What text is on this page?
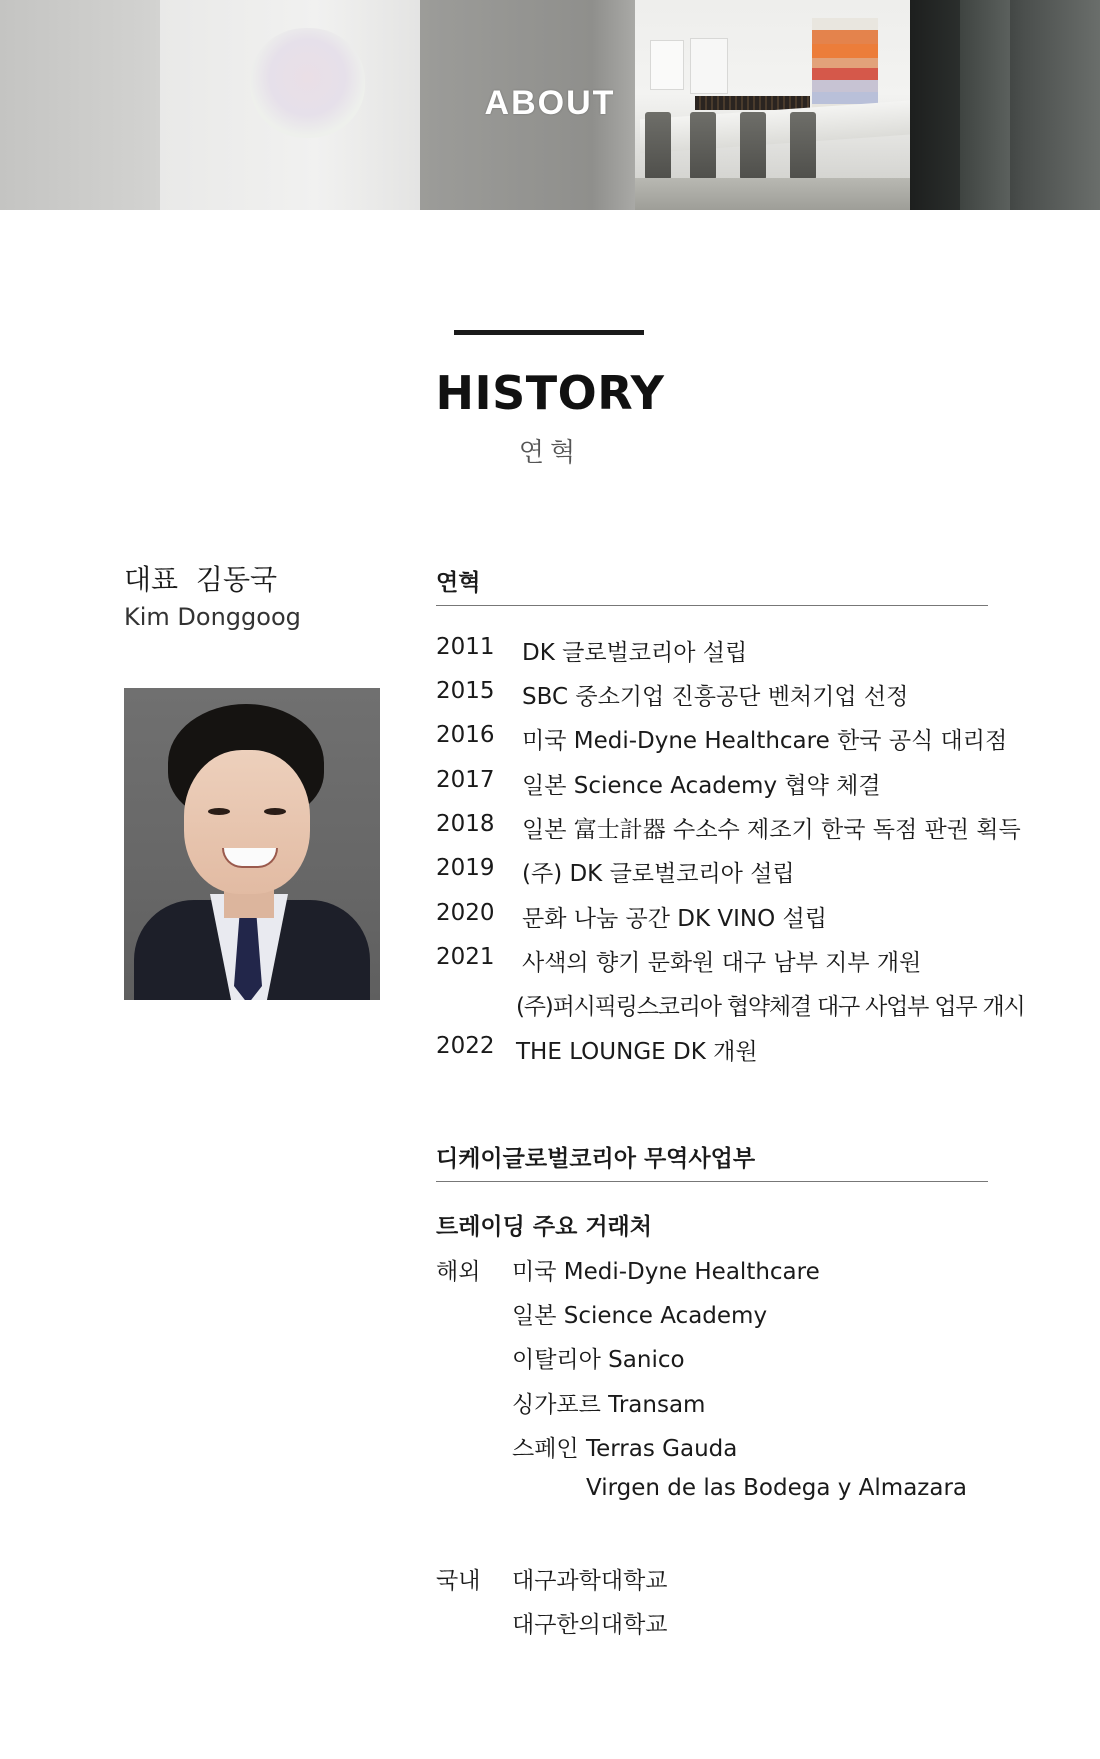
ABOUT
HISTORY
연혁
대표  김동국
Kim Donggoog
연혁
2011 DK 글로벌코리아 설립
2015 SBC 중소기업 진흥공단 벤처기업 선정
2016 미국 Medi-Dyne Healthcare 한국 공식 대리점
2017 일본 Science Academy 협약 체결
2018 일본 富士計器 수소수 제조기 한국 독점 판권 획득
2019 (주) DK 글로벌코리아 설립
2020 문화 나눔 공간 DK VINO 설립
2021 사색의 향기 문화원 대구 남부 지부 개원
(주)퍼시픽링스코리아 협약체결 대구 사업부 업무 개시
2022 THE LOUNGE DK 개원
디케이글로벌코리아 무역사업부
트레이딩 주요 거래처
해외 미국 Medi-Dyne Healthcare
일본 Science Academy
이탈리아 Sanico
싱가포르 Transam
스페인 Terras Gauda
Virgen de las Bodega y Almazara
국내 대구과학대학교
대구한의대학교
